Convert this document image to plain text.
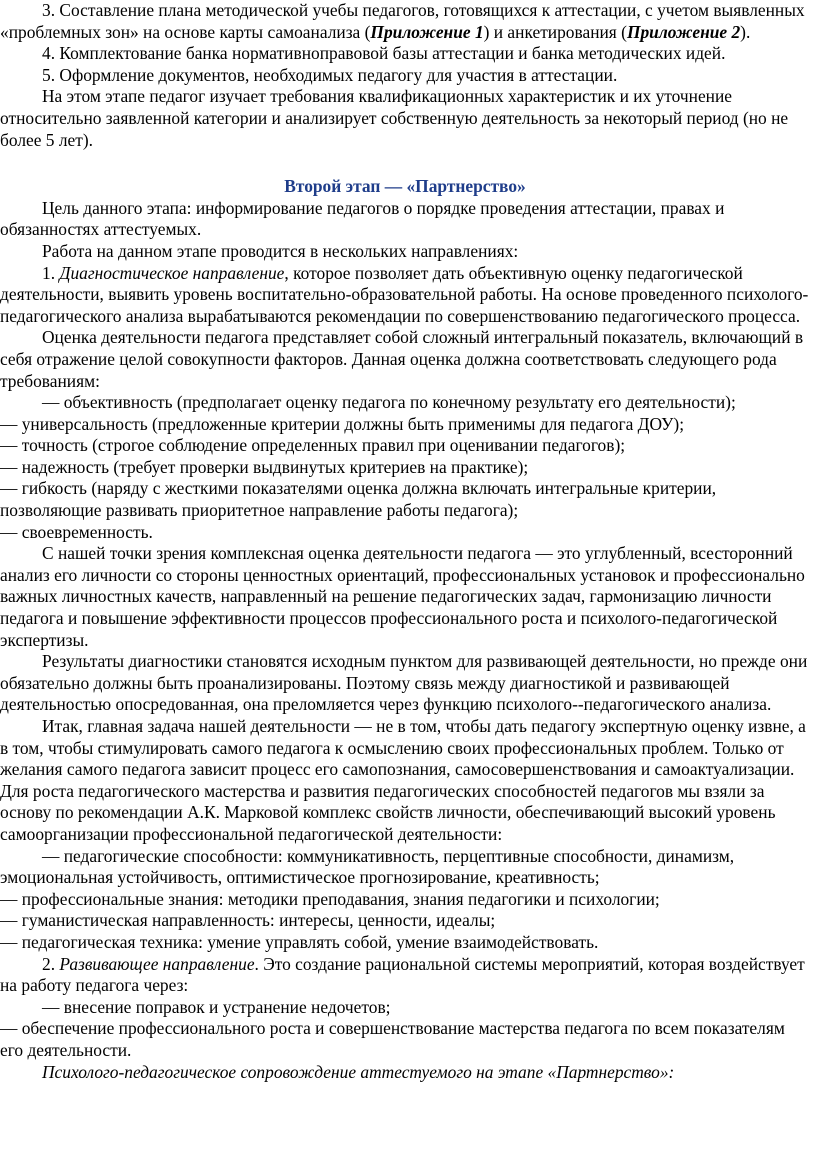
3. Составление плана методической учебы педагогов, готовящихся к аттестации, с учетом выявленных «проблемных зон» на основе карты самоанализа (Приложение 1) и анкетирования (Приложение 2).

4. Комплектование банка нормативноправовой базы аттестации и банка методических идей.

5. Оформление документов, необходимых педагогу для участия в аттестации.

На этом этапе педагог изучает требования квалификационных характеристик и их уточнение относительно заявленной категории и анализирует собственную деятельность за некоторый период (но не более 5 лет).

Второй этап — «Партнерство»

Цель данного этапа: информирование педагогов о порядке проведения аттестации, правах и обязанностях аттестуемых.

Работа на данном этапе проводится в нескольких направлениях:

1. Диагностическое направление, которое позволяет дать объективную оценку педагогической деятельности, выявить уровень воспитательно-образовательной работы. На основе проведенного психолого-педагогического анализа вырабатываются рекомендации по совершенствованию педагогического процесса.

Оценка деятельности педагога представляет собой сложный интегральный показатель, включающий в себя отражение целой совокупности факторов. Данная оценка должна соответствовать следующего рода требованиям:

— объективность (предполагает оценку педагога по конечному результату его деятельности);

— универсальность (предложенные критерии должны быть применимы для педагога ДОУ);

— точность (строгое соблюдение определенных правил при оценивании педагогов);

— надежность (требует проверки выдвинутых критериев на практике);

— гибкость (наряду с жесткими показателями оценка должна включать интегральные критерии, позволяющие развивать приоритетное направление работы педагога);

— своевременность.

С нашей точки зрения комплексная оценка деятельности педагога — это углубленный, всесторонний анализ его личности со стороны ценностных ориентаций, профессиональных установок и профессионально важных личностных качеств, направленный на решение педагогических задач, гармонизацию личности педагога и повышение эффективности процессов профессионального роста и психолого-педагогической экспертизы.

Результаты диагностики становятся исходным пунктом для развивающей деятельности, но прежде они обязательно должны быть проанализированы. Поэтому связь между диагностикой и развивающей деятельностью опосредованная, она преломляется через функцию психолого--педагогического анализа.

Итак, главная задача нашей деятельности — не в том, чтобы дать педагогу экспертную оценку извне, а в том, чтобы стимулировать самого педагога к осмыслению своих профессиональных проблем. Только от желания самого педагога зависит процесс его самопознания, самосовершенствования и самоактуализации. Для роста педагогического мастерства и развития педагогических способностей педагогов мы взяли за основу по рекомендации А.К. Марковой комплекс свойств личности, обеспечивающий высокий уровень самоорганизации профессиональной педагогической деятельности:

— педагогические способности: коммуникативность, перцептивные способности, динамизм, эмоциональная устойчивость, оптимистическое прогнозирование, креативность;

— профессиональные знания: методики преподавания, знания педагогики и психологии;

— гуманистическая направленность: интересы, ценности, идеалы;

— педагогическая техника: умение управлять собой, умение взаимодействовать.

2. Развивающее направление. Это создание рациональной системы мероприятий, которая воздействует на работу педагога через:

— внесение поправок и устранение недочетов;

— обеспечение профессионального роста и совершенствование мастерства педагога по всем показателям его деятельности.

Психолого-педагогическое сопровождение аттестуемого на этапе «Партнерство»:
